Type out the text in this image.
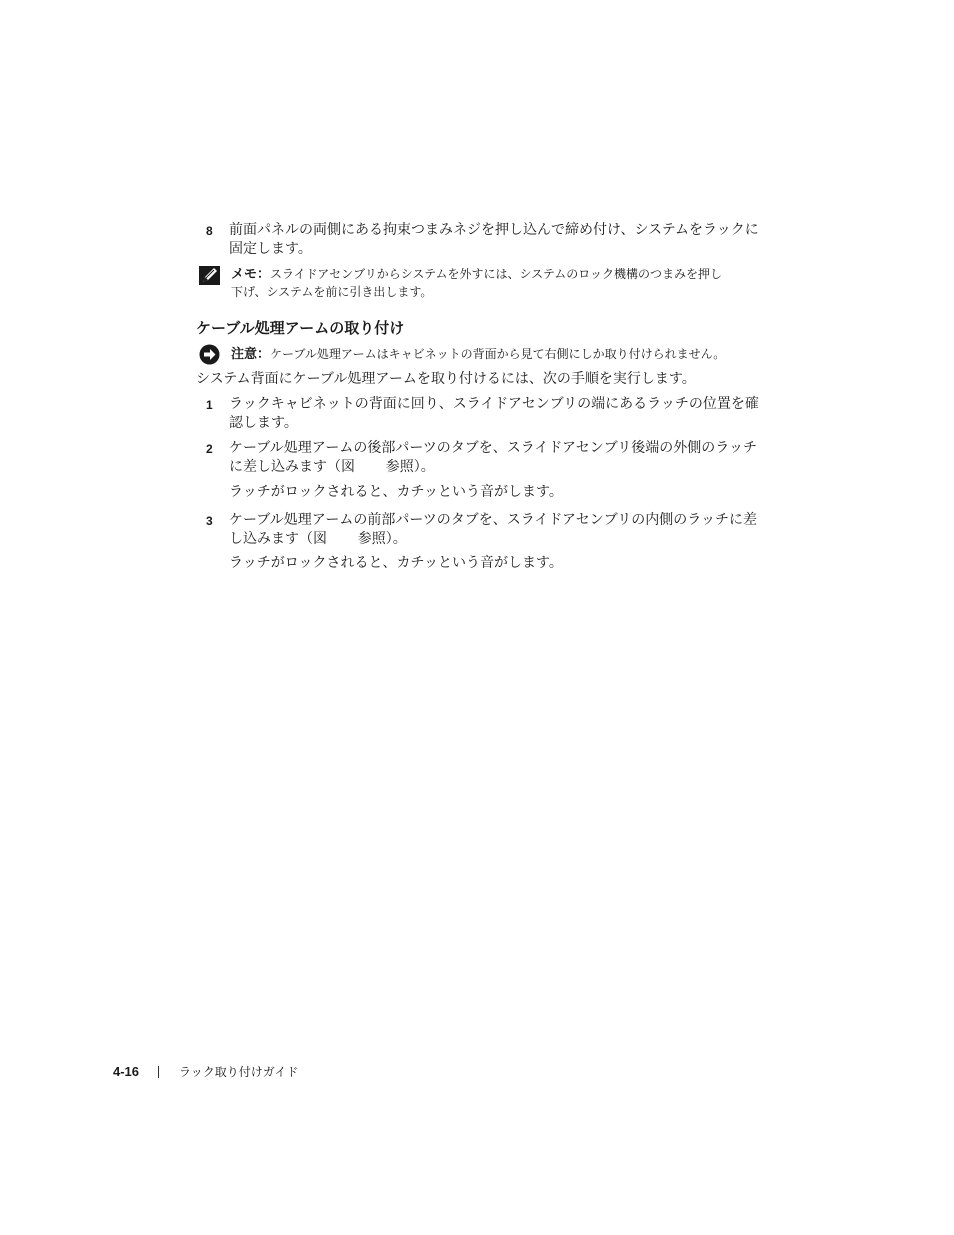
8 前面パネルの両側にある拘束つまみネジを押し込んで締め付け、システムをラックに
固定します。
メモ：スライドアセンブリからシステムを外すには、システムのロック機構のつまみを押し
下げ、システムを前に引き出します。
ケーブル処理アームの取り付け
注意：ケーブル処理アームはキャビネットの背面から見て右側にしか取り付けられません。
システム背面にケーブル処理アームを取り付けるには、次の手順を実行します。
1 ラックキャビネットの背面に回り、スライドアセンブリの端にあるラッチの位置を確
認します。
2 ケーブル処理アームの後部パーツのタブを、スライドアセンブリ後端の外側のラッチ
に差し込みます（図 参照）。
ラッチがロックされると、カチッという音がします。
3 ケーブル処理アームの前部パーツのタブを、スライドアセンブリの内側のラッチに差
し込みます（図 参照）。
ラッチがロックされると、カチッという音がします。
4-16	ラック取り付けガイド
